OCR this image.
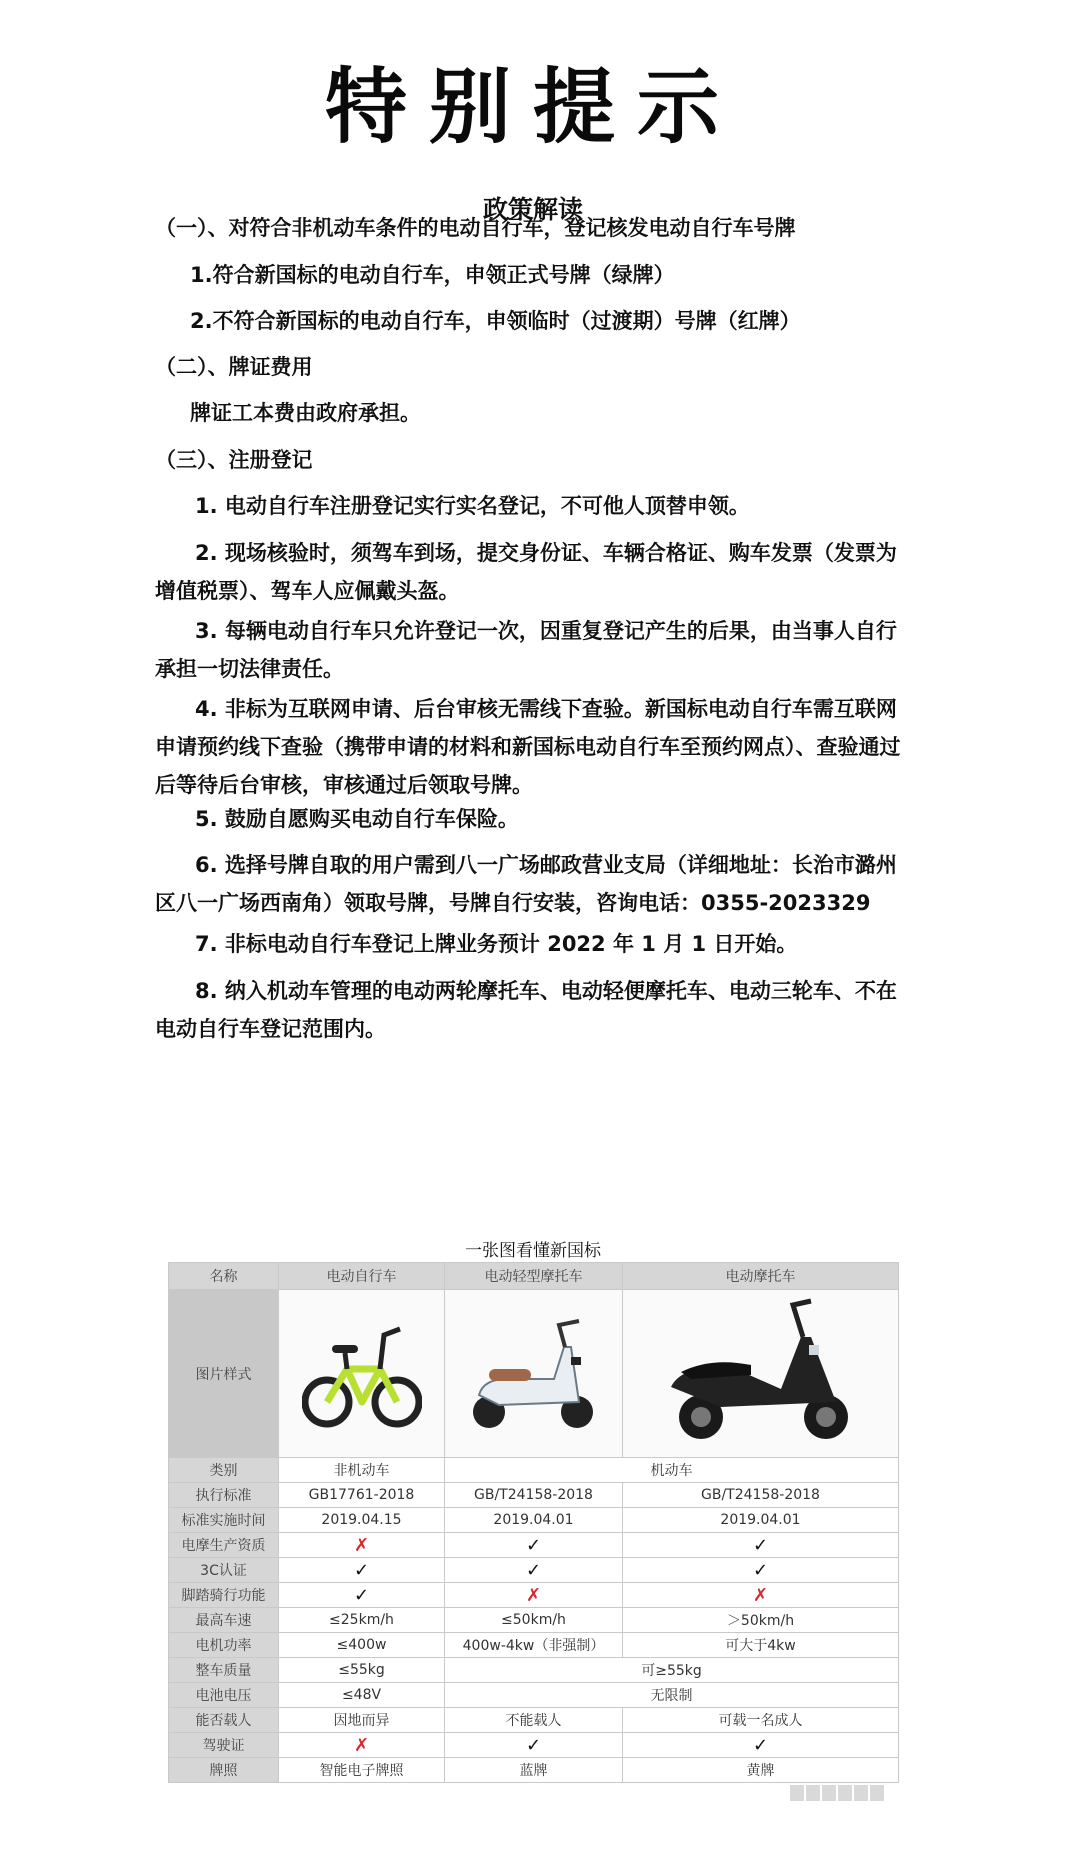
特别提示
政策解读
（一）、对符合非机动车条件的电动自行车，登记核发电动自行车号牌
1.符合新国标的电动自行车，申领正式号牌（绿牌）
2.不符合新国标的电动自行车，申领临时（过渡期）号牌（红牌）
（二）、牌证费用
牌证工本费由政府承担。
（三）、注册登记
1. 电动自行车注册登记实行实名登记，不可他人顶替申领。
2. 现场核验时，须驾车到场，提交身份证、车辆合格证、购车发票（发票为增值税票）、驾车人应佩戴头盔。
3. 每辆电动自行车只允许登记一次，因重复登记产生的后果，由当事人自行承担一切法律责任。
4. 非标为互联网申请、后台审核无需线下查验。新国标电动自行车需互联网申请预约线下查验（携带申请的材料和新国标电动自行车至预约网点）、查验通过后等待后台审核，审核通过后领取号牌。
5. 鼓励自愿购买电动自行车保险。
6. 选择号牌自取的用户需到八一广场邮政营业支局（详细地址：长治市潞州区八一广场西南角）领取号牌，号牌自行安装，咨询电话：0355-2023329
7. 非标电动自行车登记上牌业务预计 2022 年 1 月 1 日开始。
8. 纳入机动车管理的电动两轮摩托车、电动轻便摩托车、电动三轮车、不在电动自行车登记范围内。
一张图看懂新国标
名称	电动自行车	电动轻型摩托车	电动摩托车
图片样式			
类别	非机动车	机动车	
执行标准	GB17761-2018	GB/T24158-2018	GB/T24158-2018
标准实施时间	2019.04.15	2019.04.01	2019.04.01
电摩生产资质	✗	✓	✓
3C认证	✓	✓	✓
脚踏骑行功能	✓	✗	✗
最高车速	≤25km/h	≤50km/h	＞50km/h
电机功率	≤400w	400w-4kw（非强制）	可大于4kw
整车质量	≤55kg	可≥55kg	
电池电压	≤48V	无限制	
能否载人	因地而异	不能载人	可载一名成人
驾驶证	✗	✓	✓
牌照	智能电子牌照	蓝牌	黄牌
